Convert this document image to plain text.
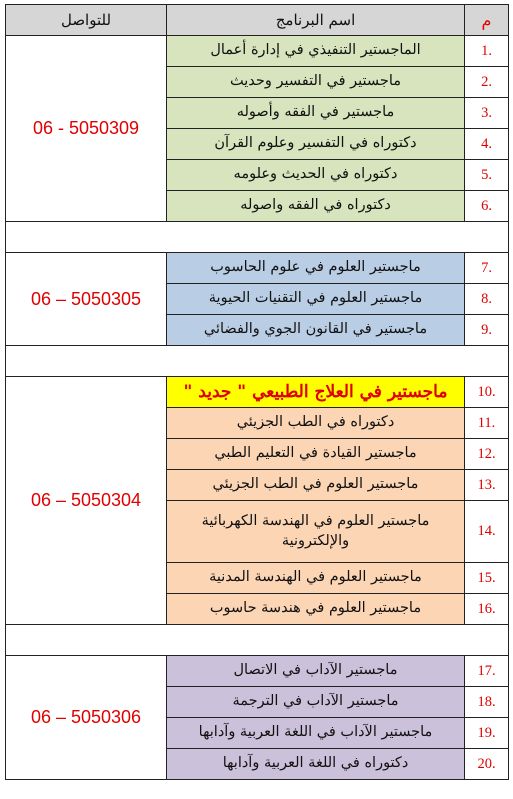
م	اسم البرنامج	للتواصل
.1	الماجستير التنفيذي في إدارة أعمال	06 - 5050309
.2	ماجستير في التفسير وحديث	
.3	ماجستير في الفقه وأصوله	
.4	دكتوراه في التفسير وعلوم القرآن	
.5	دكتوراه في الحديث وعلومه	
.6	دكتوراه في الفقه واصوله	

.7	ماجستير العلوم في علوم الحاسوب	06 – 5050305
.8	ماجستير العلوم في التقنيات الحيوية	
.9	ماجستير في القانون الجوي والفضائي	

.10	ماجستير في العلاج الطبيعي " جديد "	06 – 5050304
.11	دكتوراه في الطب الجزيئي	
.12	ماجستير القيادة في التعليم الطبي	
.13	ماجستير العلوم في الطب الجزيئي	
.14	ماجستير العلوم في الهندسة الكهربائية والإلكترونية	
.15	ماجستير العلوم في الهندسة المدنية	
.16	ماجستير العلوم في هندسة حاسوب	

.17	ماجستير الآداب في الاتصال	06 – 5050306
.18	ماجستير الآداب في الترجمة	
.19	ماجستير الآداب في اللغة العربية وآدابها	
.20	دكتوراه في اللغة العربية وآدابها	
